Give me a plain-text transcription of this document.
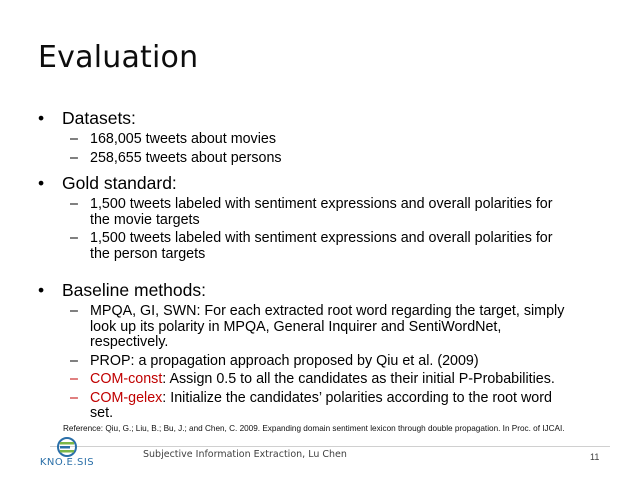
Evaluation
• Datasets:
– 168,005 tweets about movies
– 258,655 tweets about persons
• Gold standard:
– 1,500 tweets labeled with sentiment expressions and overall polarities for
the movie targets
– 1,500 tweets labeled with sentiment expressions and overall polarities for
the person targets
• Baseline methods:
– MPQA, GI, SWN: For each extracted root word regarding the target, simply
look up its polarity in MPQA, General Inquirer and SentiWordNet,
respectively.
– PROP: a propagation approach proposed by Qiu et al. (2009)
– COM-const: Assign 0.5 to all the candidates as their initial P-Probabilities.
– COM-gelex: Initialize the candidates’ polarities according to the root word
set.
Reference: Qiu, G.; Liu, B.; Bu, J.; and Chen, C. 2009. Expanding domain sentiment lexicon through double propagation. In Proc. of IJCAI.
KNO.E.SIS
Subjective Information Extraction, Lu Chen	11
